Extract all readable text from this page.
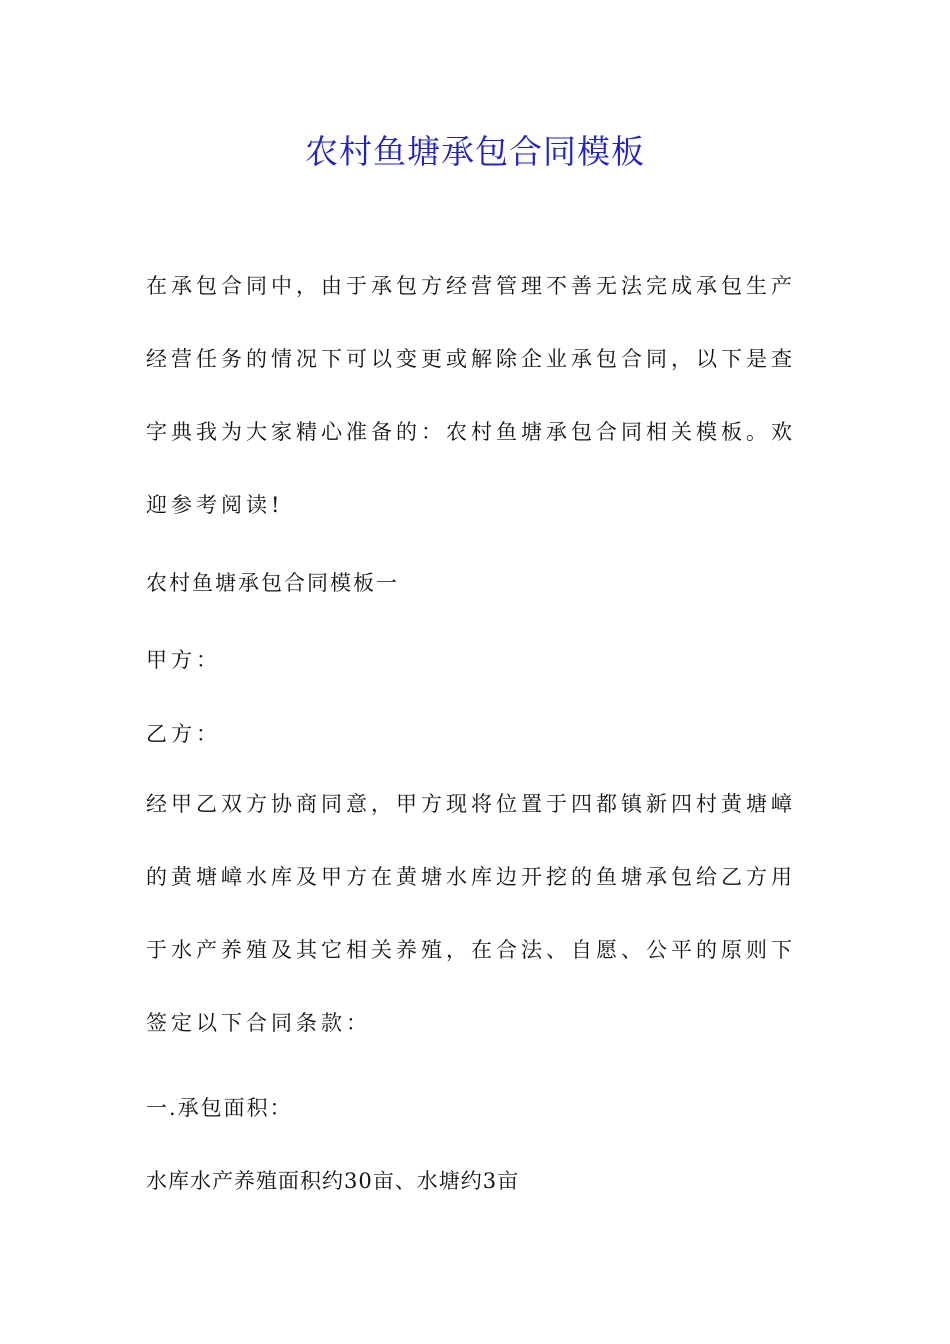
农村鱼塘承包合同模板

在承包合同中，由于承包方经营管理不善无法完成承包生产经营任务的情况下可以变更或解除企业承包合同，以下是查字典我为大家精心准备的：农村鱼塘承包合同相关模板。欢迎参考阅读!

农村鱼塘承包合同模板一

甲方：

乙方：

经甲乙双方协商同意，甲方现将位置于四都镇新四村黄塘嶂的黄塘嶂水库及甲方在黄塘水库边开挖的鱼塘承包给乙方用于水产养殖及其它相关养殖，在合法、自愿、公平的原则下签定以下合同条款：

一.承包面积：

水库水产养殖面积约30亩、水塘约3亩
